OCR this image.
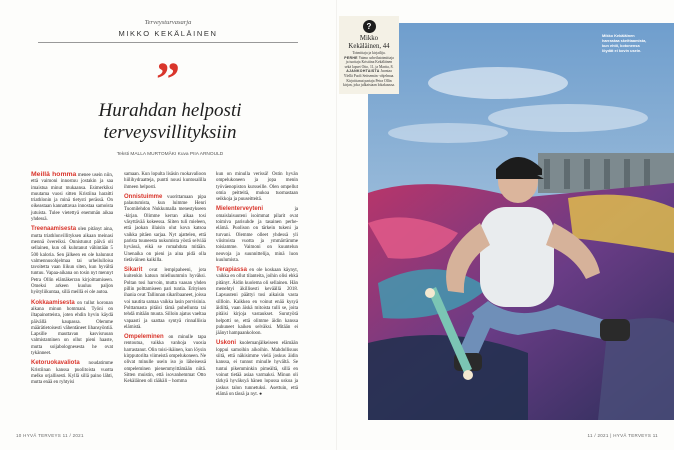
Terveysturvasarja
MIKKO KEKÄLÄINEN
”
Hurahdan helposti terveysvillityksiin
Teksti MALLA MURTOMÄKI Kuva PIIA ARNOULD

Meillä homma menee usein niin, että vaimoni innostuu jostakin ja saa imaistua minut mukaansa. Esimerkiksi muutama vuosi sitten Kristiina haraitti triathlonin ja minä tietysti perässä. On oikeastaan kannattavaa innostaa samoista jutuista. Tulee vietettyä enemmän aikaa yhdessä.

Treenaamisesta olen pitänyt aina, mutta triathlonvillityksen aikaan meinasi mennä övereiksi. Onnistunut päivä oli sellainen, kun oli kulutanut vähintään 5 500 kaloria. Sen jälkeen en ole halunnut valmennusohjelmaa tai urheilulloisa tavoitetta vaan liikun siten, kun hyvältä tuntuu. Vapaa-aikana on tosin nyt mennyt Petra Ollin elämäkerran kirjoittamiseen. Omeksi arkeen kuuluu paljon hyötyliikuntaa, sillä meillä ei ole autoa.

Kokkaamisesta on tullut koronan aikana minun hommani. Työni on iltapainotteista, joten ehdin hyvin käydä päivällä kaupassa. Olemme määrätietoisesti vähentäneet lihansyöntiä. Lapsille mauttavan kasvisruoan valmistaminen on ollut pieni haaste, mutta soijabolognesesta he ovat tykänneet.

Ketoruokavaliota noudatimme Kristiinan kanssa puolitoista vuotta melko orjallisesti. Kyllä sillä paino lähti, mutta enää en ryhtyisi

samaan. Kun lopulta lisäsin ruokavalioon hiilihydraatteja, puntti nousi kuntosalilla ihmeen helposti.

Onnistuimme vuorittamaan pipa palautumista, kun luimme Henri Tuomilehdon Nukkumalla menestykseen -kirjan. Olimme kerran aikaa tosi väsyttävää kokeessa. Siiten tuli mieleen, että jaokan illaisin olut kova katsoa vaikka pitäen sarjaa. Nyt ajattelen, että parista tuuneesta nukumista yöstä selviää hyvässä, eikä se romahduta mitään. Unenaika on pieni ja aina pidä olla tietäväinen kaikilla.

Sikarit ovat lempipaheeni, jota kuitenkin katsun mielluummin hyväksi. Poltan tosi harvoin, mutta vaasan yhden pillin polttamiseen pari tuntia. Erityisen ihania ovat Tallinnan sikaribaaneet, joissa voi nautita samaa vaikka lasin porvisinia. Polttamasta pitäisi tämä puhellunta tai tehdä mitään muuta. Silloin ajatus vaeltaa vapaasti ja saattaa syntyä rinnalliisia elämistä.

Ompeleminen on minulle tapa rentoutua, vaikka vanhoja vuosia harrastanut. Olin toisi-ikäinen, kun löysin kirpputorilta viimeistä ompelukoneen. Ne olivat minulle usein iso jo läheisessä ompeleminen pienemmyittämään niitä. Sitten muistin, että isovanhemmat Otto Kekäläinen oli rääkäli – homma

kun on minulla verissä! Ostin hyvän ompelukoneen ja jopa menin työväenopiston kursseille. Olen ompellut omia peitteitä, mukoa tuomastaan seikkoja ja puuseitteitä.

Mielenterveyteni ja omaislaisuuteni isoimmat pilarit ovat toimiva parisuhde ja tasainen perhe-elämä. Puolison on tärkein tukeni ja turvani. Olemme olleet yhdessä yli viisitoista vuotta ja ymmärrämme toisiamme. Vaimoni on kuuntelun neuvoja ja suunnittelija, minä luon kuulumista.

Terapiassa en ole koskaan käynyt, vaikka en ollut tilanteita, joihin olisi ehkä pitänyt. Äidin kuolema oli sellainen. Hän menehtyi äkillisesti keväällä 2018. Lapsuuteni päättyi tosi aikaisin vasta sillloin. Kaikkea en voinut enää kysyä äidiltä, vaan äiskä mitoista tulli se, joita pitäisi kirjoja vastaukset. Surutyötä helpotti se, että olimme äidin kanssa puhuneet kaiken selväksi. Mitään ei jäänyt hampaankoloon.

Uskoni kuolemanjälkeiseen elämään loppui samoihin aikoihin. Mahdollisuus siitä, että näkisimme vielä joskus äidin kanssa, ei tunnut minulle hyvältä. Se tuntui pikemminkin pimeältä, sillä en voinut tietää asiaa varmaksi. Minun oli tärkyä hyväksyä hänen lopussa uskoa ja joskus talon tunnetuksi. Asettuin, että elämä on tässä ja nyt. ●

10 HYVÄ TERVEYS 11 / 2021
?
Mikko Kekäläinen, 44
Toimittaja ja kirjailija.
PERHE Vaimo urheilutoimittaja ja tuottaja Kristiina Kekäläinen sekä lapset Otto, 11, ja Martta, 8.
AJANKOHTAISTA Juontaa Ylellä Puoli Seitsemän -ohjelmaa. Kirjoittanut pariaja Petra Ollin kirjan, joka julkaistaan lokakuussa.
Mikko Kekäläinen harrastaa skeittaamista, kun ehtii, kotonensa löydät ei kovin usein.
11 / 2021 | HYVÄ TERVEYS 11
